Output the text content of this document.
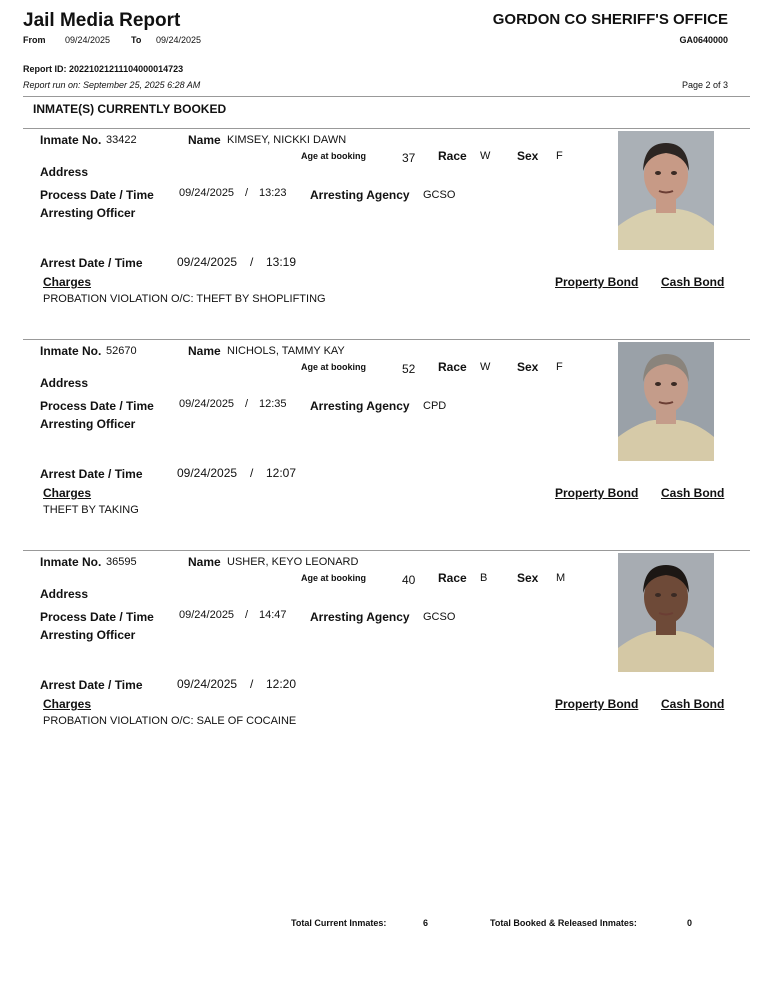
Jail Media Report	GORDON CO SHERIFF'S OFFICE
GA0640000
From 09/24/2025 To 09/24/2025
Report ID: 20221021211104000014723
Report run on: September 25, 2025 6:28 AM	Page 2 of 3
INMATE(S) CURRENTLY BOOKED
Inmate No. 33422	Name KIMSEY, NICKKI DAWN
Age at booking	37 Race W Sex F
Address
Process Date / Time 09/24/2025 / 13:23 Arresting Agency GCSO
Arresting Officer
Arrest Date / Time	09/24/2025 / 13:19
Charges	Property Bond Cash Bond
PROBATION VIOLATION O/C: THEFT BY SHOPLIFTING
Inmate No. 52670	Name NICHOLS, TAMMY KAY
Age at booking	52 Race W Sex F
Address
Process Date / Time 09/24/2025 / 12:35 Arresting Agency CPD
Arresting Officer
Arrest Date / Time	09/24/2025 / 12:07
Charges	Property Bond Cash Bond
THEFT BY TAKING
Inmate No. 36595	Name USHER, KEYO LEONARD
Age at booking	40 Race B Sex M
Address
Process Date / Time 09/24/2025 / 14:47 Arresting Agency GCSO
Arresting Officer
Arrest Date / Time	09/24/2025 / 12:20
Charges	Property Bond Cash Bond
PROBATION VIOLATION O/C: SALE OF COCAINE
Total Current Inmates:	6	Total Booked & Released Inmates:	0
